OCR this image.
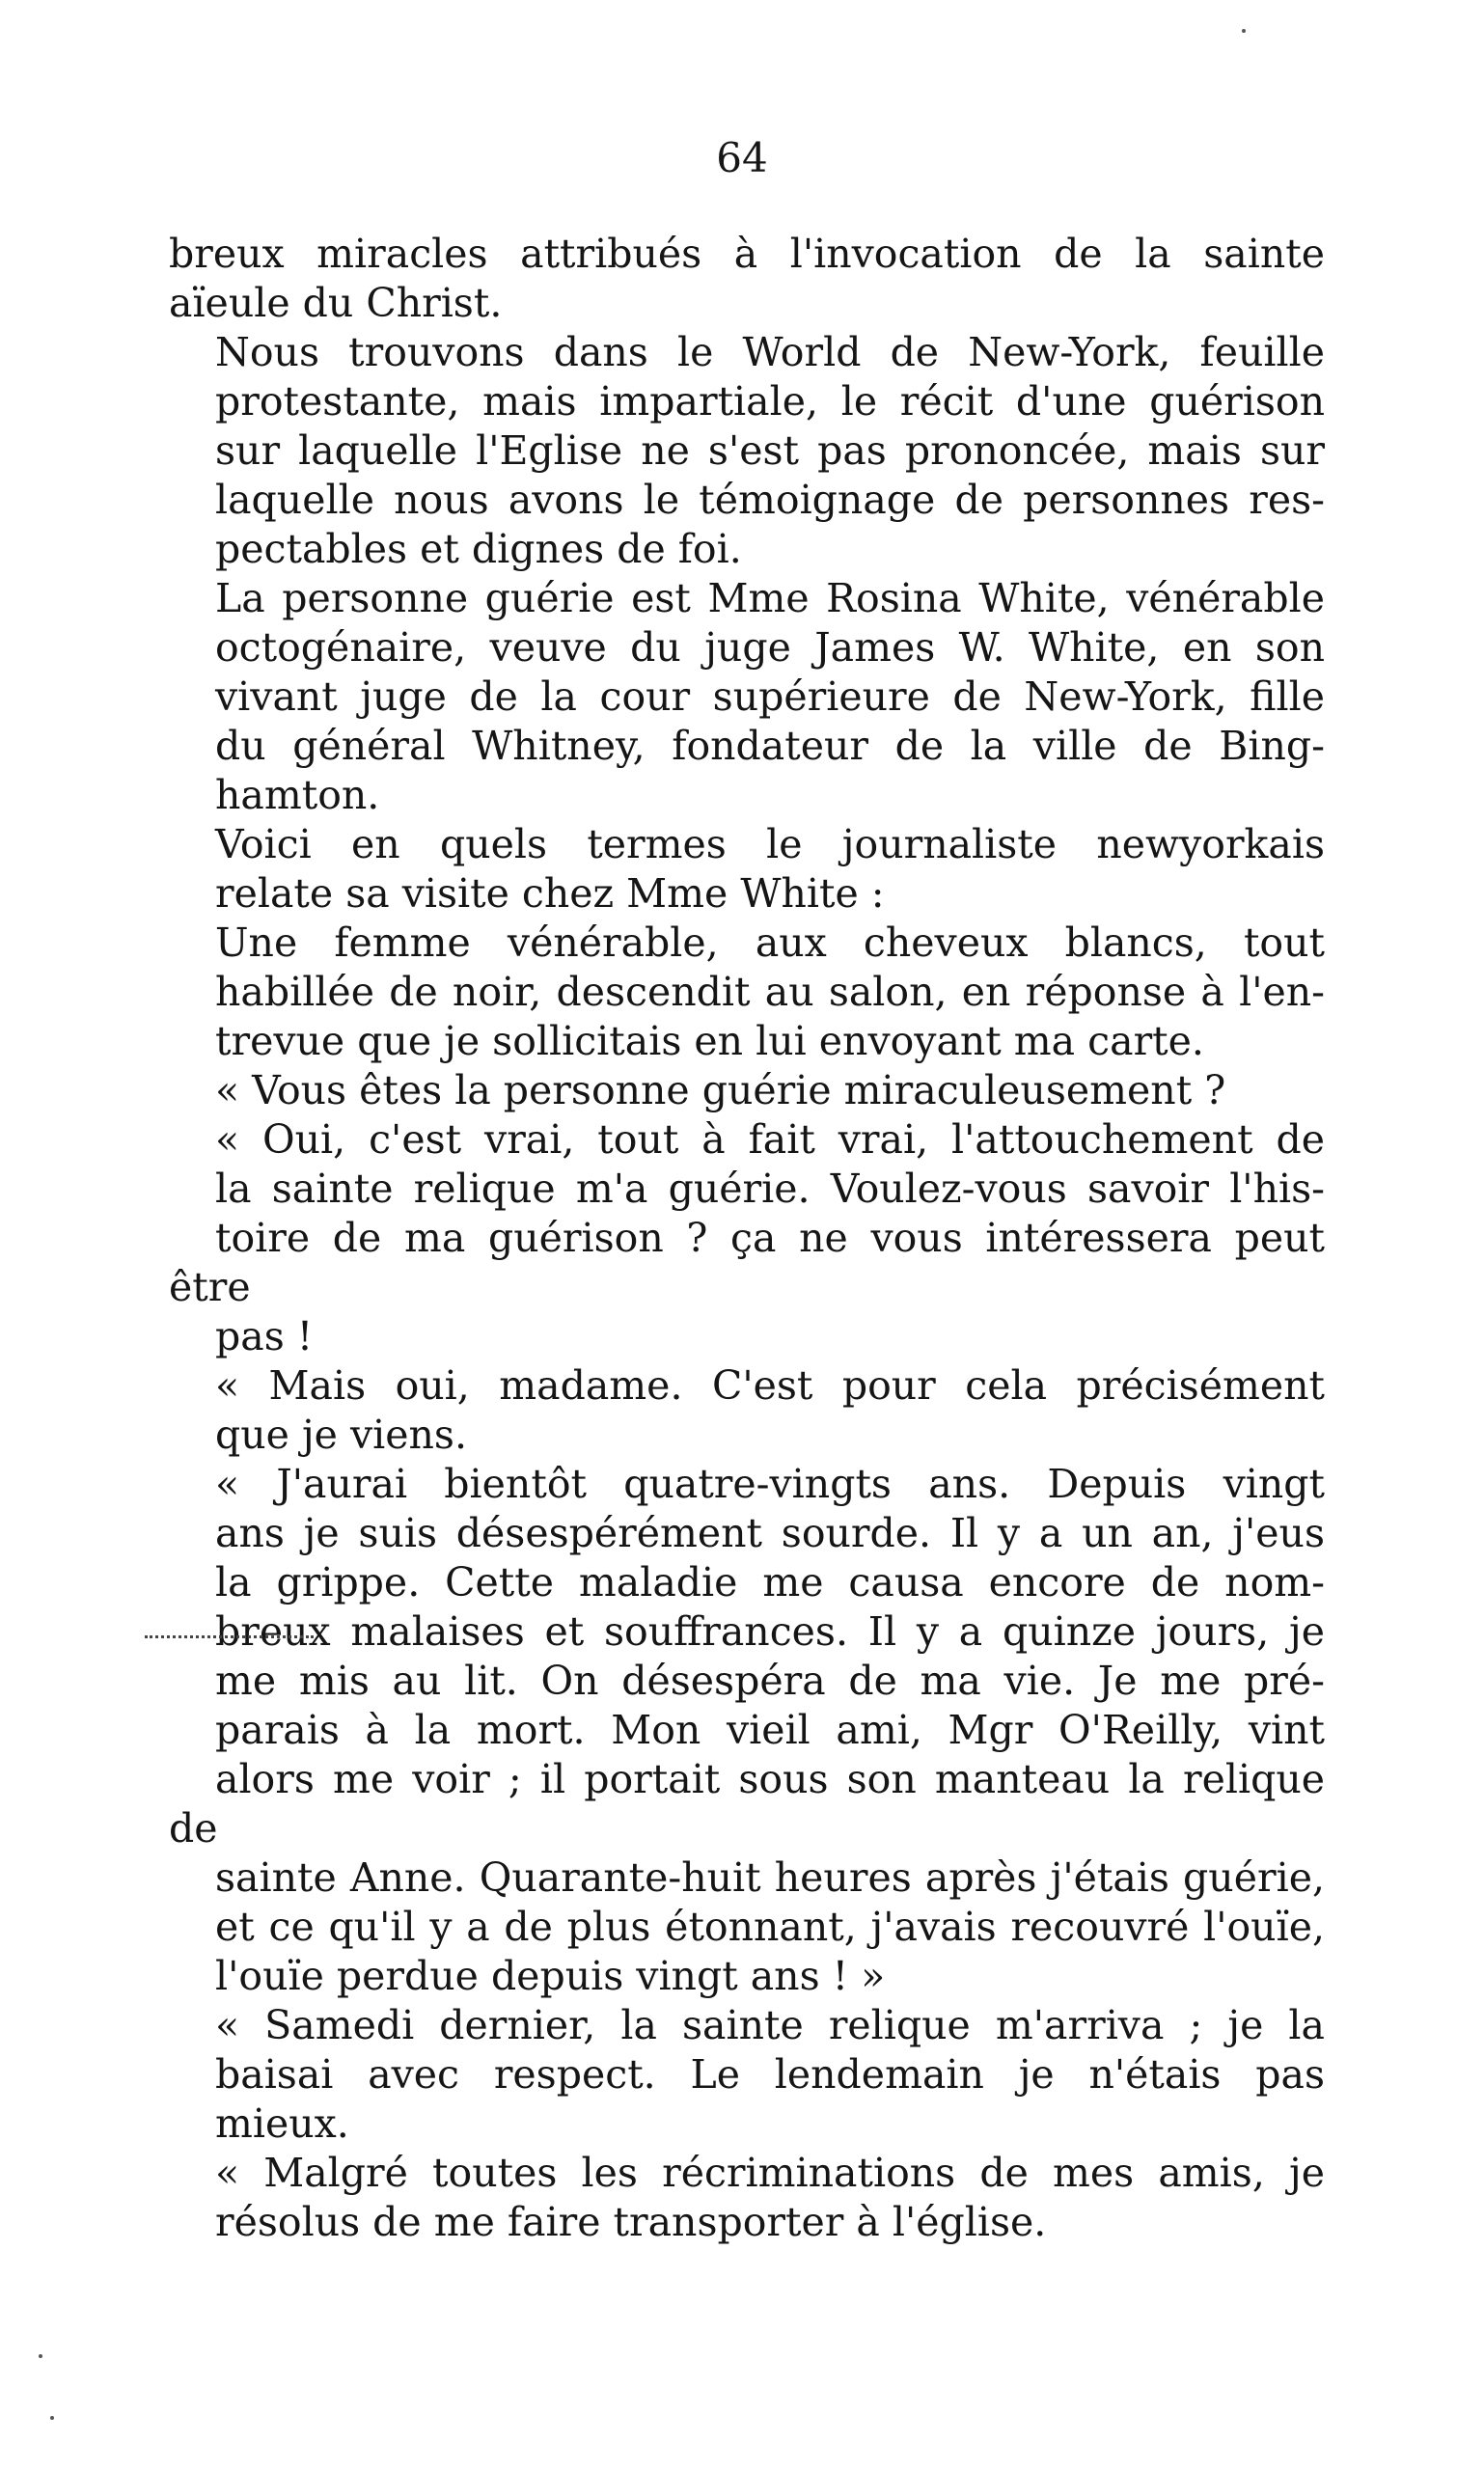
64
breux miracles attribués à l'invocation de la sainte
aïeule du Christ.
Nous trouvons dans le World de New-York, feuille
protestante, mais impartiale, le récit d'une guérison
sur laquelle l'Eglise ne s'est pas prononcée, mais sur
laquelle nous avons le témoignage de personnes res-
pectables et dignes de foi.
La personne guérie est Mme Rosina White, vénérable
octogénaire, veuve du juge James W. White, en son
vivant juge de la cour supérieure de New-York, fille
du général Whitney, fondateur de la ville de Bing-
hamton.
Voici en quels termes le journaliste newyorkais
relate sa visite chez Mme White :
Une femme vénérable, aux cheveux blancs, tout
habillée de noir, descendit au salon, en réponse à l'en-
trevue que je sollicitais en lui envoyant ma carte.
« Vous êtes la personne guérie miraculeusement ?
« Oui, c'est vrai, tout à fait vrai, l'attouchement de
la sainte relique m'a guérie. Voulez-vous savoir l'his-
toire de ma guérison ? ça ne vous intéressera peut être
pas !
« Mais oui, madame. C'est pour cela précisément
que je viens.
« J'aurai bientôt quatre-vingts ans. Depuis vingt
ans je suis désespérément sourde. Il y a un an, j'eus
la grippe. Cette maladie me causa encore de nom-
breux malaises et souffrances. Il y a quinze jours, je
me mis au lit. On désespéra de ma vie. Je me pré-
parais à la mort. Mon vieil ami, Mgr O'Reilly, vint
alors me voir ; il portait sous son manteau la relique de
sainte Anne. Quarante-huit heures après j'étais guérie,
et ce qu'il y a de plus étonnant, j'avais recouvré l'ouïe,
l'ouïe perdue depuis vingt ans ! »
« Samedi dernier, la sainte relique m'arriva ; je la
baisai avec respect. Le lendemain je n'étais pas
mieux.
« Malgré toutes les récriminations de mes amis, je
résolus de me faire transporter à l'église.
